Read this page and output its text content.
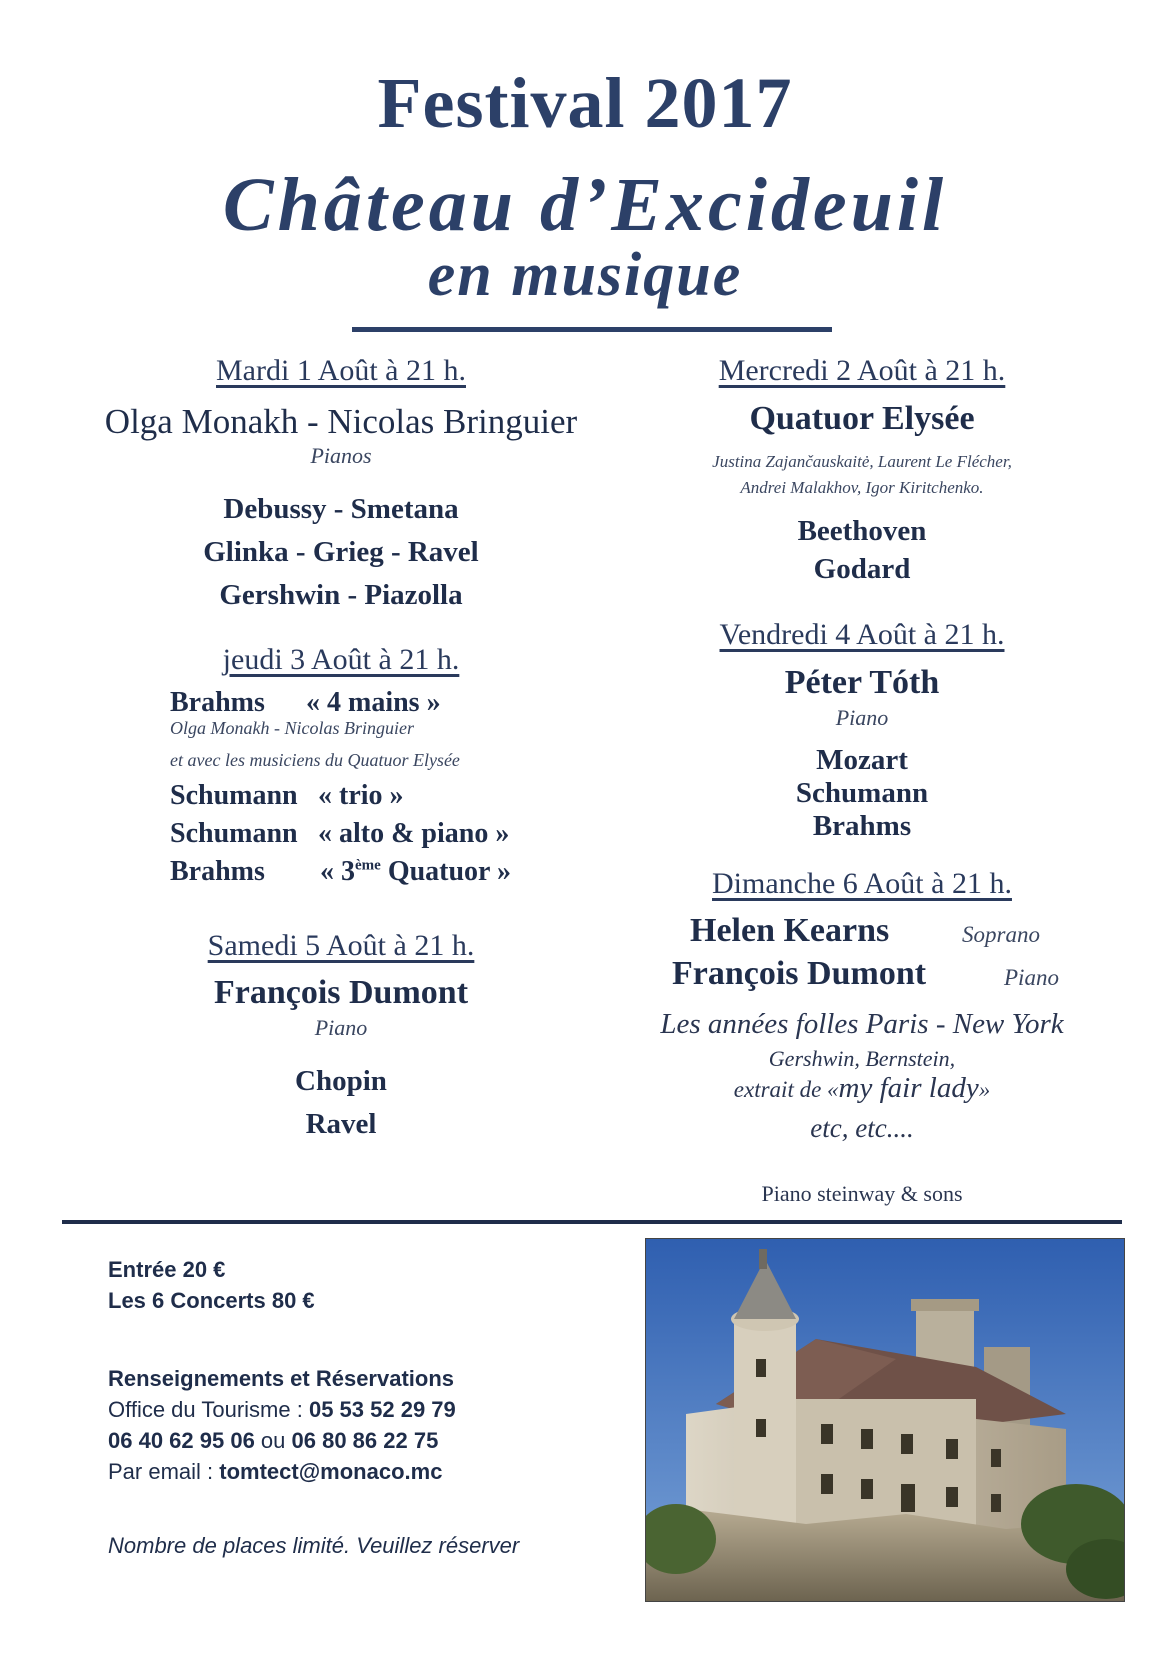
Festival 2017
Château d’Excideuil
en musique
Mardi 1 Août à 21 h.
Olga Monakh - Nicolas Bringuier
Pianos
Debussy - Smetana
Glinka - Grieg - Ravel
Gershwin - Piazolla
jeudi 3 Août à 21 h.
Brahms « 4 mains »
Olga Monakh - Nicolas Bringuier
et avec les musiciens du Quatuor Elysée
Schumann « trio »
Schumann « alto & piano »
Brahms « 3ème Quatuor »
Samedi 5 Août à 21 h.
François Dumont
Piano
Chopin
Ravel
Mercredi 2 Août à 21 h.
Quatuor Elysée
Justina Zajančauskaitė, Laurent Le Flécher,
Andrei Malakhov, Igor Kiritchenko.
Beethoven
Godard
Vendredi 4 Août à 21 h.
Péter Tóth
Piano
Mozart
Schumann
Brahms
Dimanche 6 Août à 21 h.
Helen Kearns	Soprano
François Dumont	Piano
Les années folles Paris - New York
Gershwin, Bernstein,
extrait de «my fair lady»
etc, etc....
Piano steinway & sons
Entrée 20 €
Les 6 Concerts 80 €
Renseignements et Réservations
Office du Tourisme : 05 53 52 29 79
06 40 62 95 06 ou 06 80 86 22 75
Par email : tomtect@monaco.mc
Nombre de places limité. Veuillez réserver
